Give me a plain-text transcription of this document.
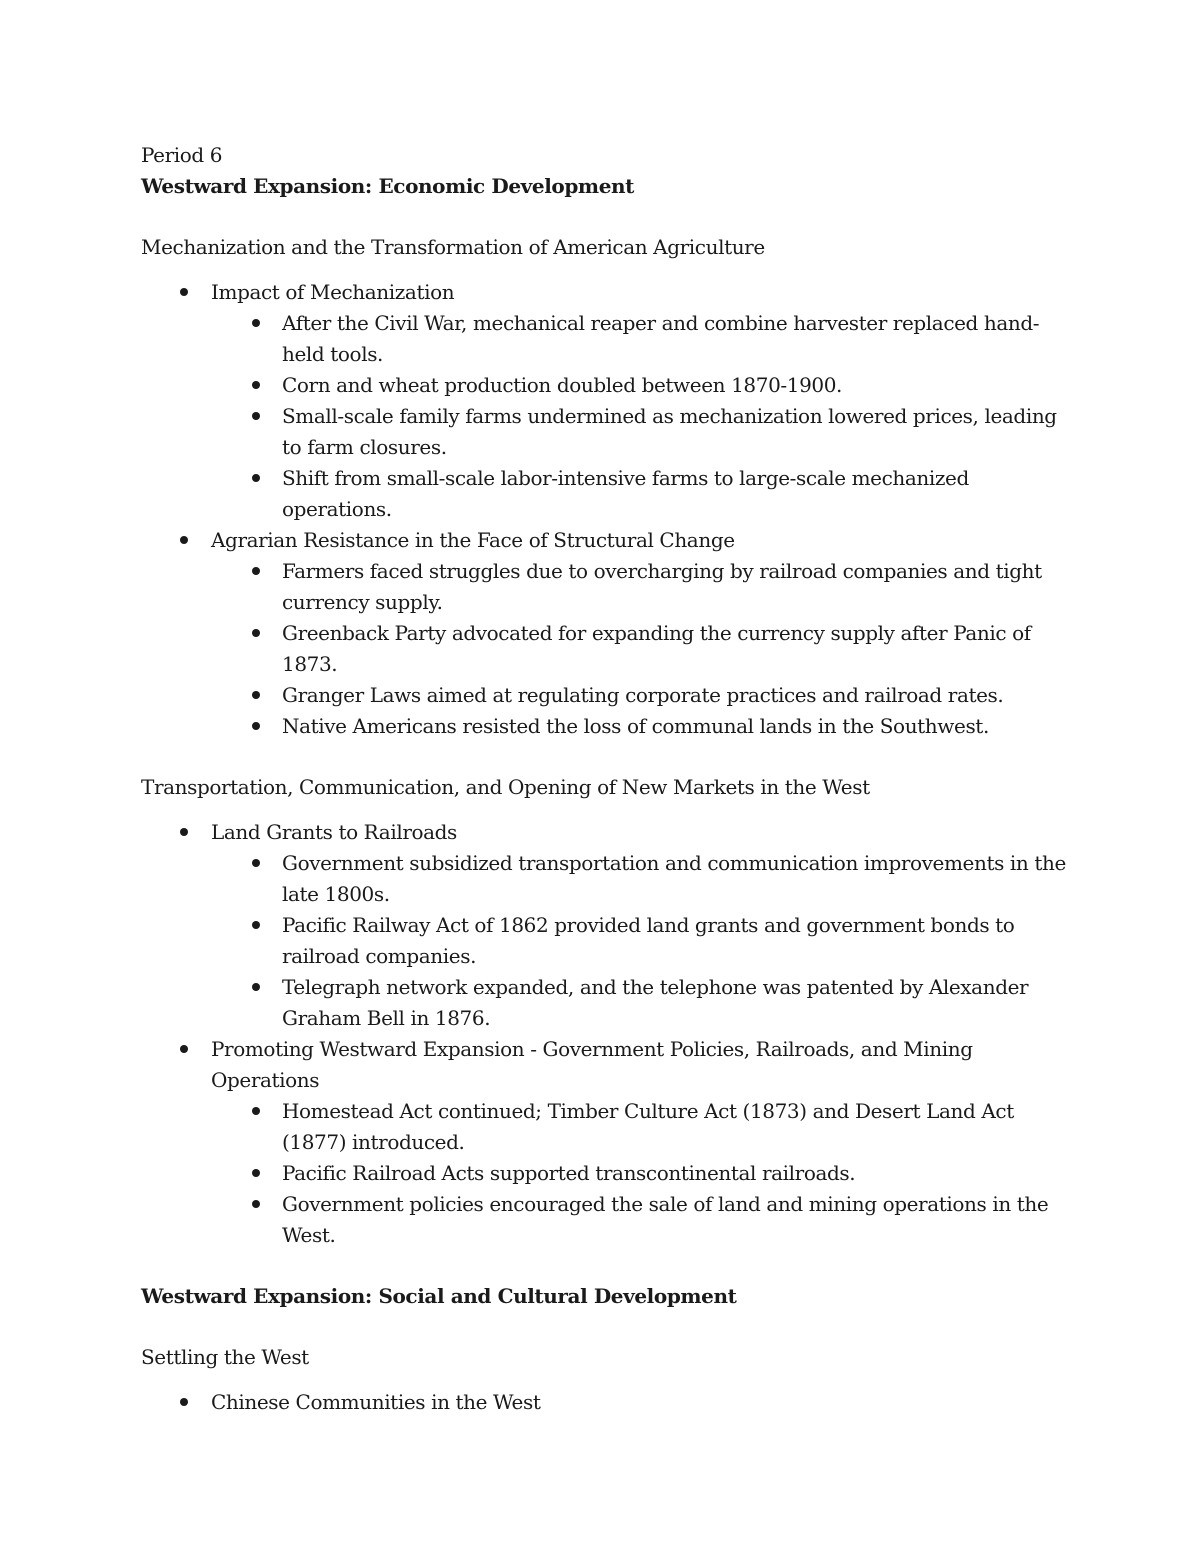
Period 6

Westward Expansion: Economic Development

Mechanization and the Transformation of American Agriculture

Impact of Mechanization
After the Civil War, mechanical reaper and combine harvester replaced hand-held tools.
Corn and wheat production doubled between 1870-1900.
Small-scale family farms undermined as mechanization lowered prices, leading to farm closures.
Shift from small-scale labor-intensive farms to large-scale mechanized operations.
Agrarian Resistance in the Face of Structural Change
Farmers faced struggles due to overcharging by railroad companies and tight currency supply.
Greenback Party advocated for expanding the currency supply after Panic of 1873.
Granger Laws aimed at regulating corporate practices and railroad rates.
Native Americans resisted the loss of communal lands in the Southwest.

Transportation, Communication, and Opening of New Markets in the West

Land Grants to Railroads
Government subsidized transportation and communication improvements in the late 1800s.
Pacific Railway Act of 1862 provided land grants and government bonds to railroad companies.
Telegraph network expanded, and the telephone was patented by Alexander Graham Bell in 1876.
Promoting Westward Expansion - Government Policies, Railroads, and Mining Operations
Homestead Act continued; Timber Culture Act (1873) and Desert Land Act (1877) introduced.
Pacific Railroad Acts supported transcontinental railroads.
Government policies encouraged the sale of land and mining operations in the West.

Westward Expansion: Social and Cultural Development

Settling the West

Chinese Communities in the West
